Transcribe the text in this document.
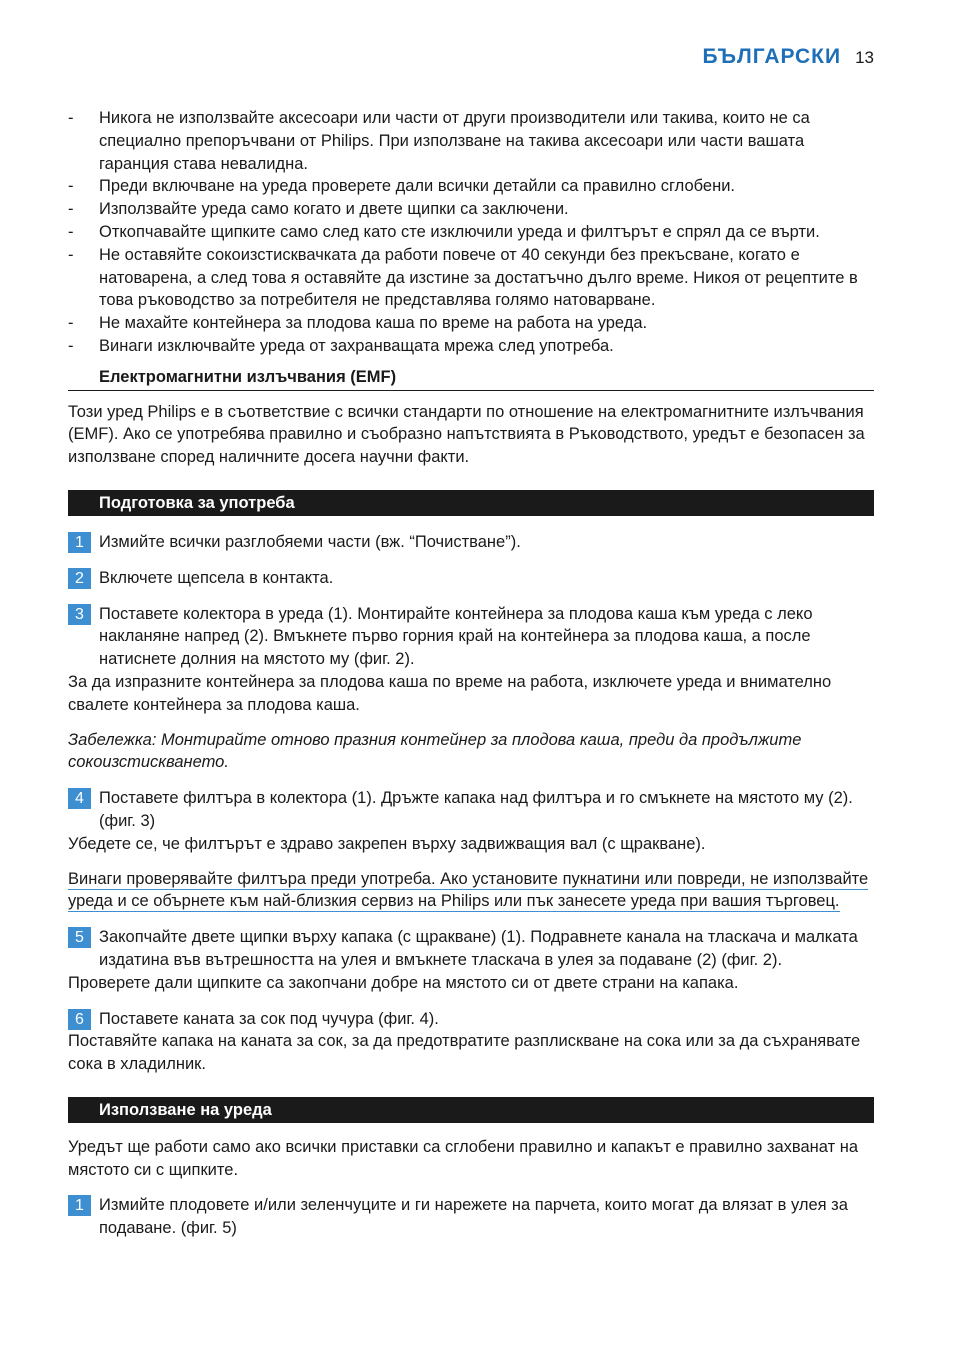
БЪЛГАРСКИ 13
- Никога не използвайте аксесоари или части от други производители или такива, които не са специално препоръчвани от Philips. При използване на такива аксесоари или части вашата гаранция става невалидна.
- Преди включване на уреда проверете дали всички детайли са правилно сглобени.
- Използвайте уреда само когато и двете щипки са заключени.
- Откопчавайте щипките само след като сте изключили уреда и филтърът е спрял да се върти.
- Не оставяйте сокоизстисквачката да работи повече от 40 секунди без прекъсване, когато е натоварена, а след това я оставяйте да изстине за достатъчно дълго време. Никоя от рецептите в това ръководство за потребителя не представлява голямо натоварване.
- Не махайте контейнера за плодова каша по време на работа на уреда.
- Винаги изключвайте уреда от захранващата мрежа след употреба.
Електромагнитни излъчвания (EMF)

Този уред Philips е в съответствие с всички стандарти по отношение на електромагнитните излъчвания (EMF). Ако се употребява правилно и съобразно напътствията в Ръководството, уредът е безопасен за използване според наличните досега научни факти.

Подготовка за употреба
1 Измийте всички разглобяеми части (вж. “Почистване”).
2 Включете щепсела в контакта.
3 Поставете колектора в уреда (1). Монтирайте контейнера за плодова каша към уреда с леко накланяне напред (2). Вмъкнете първо горния край на контейнера за плодова каша, а после натиснете долния на мястото му (фиг. 2).

За да изпразните контейнера за плодова каша по време на работа, изключете уреда и внимателно свалете контейнера за плодова каша.

Забележка: Монтирайте отново празния контейнер за плодова каша, преди да продължите сокоизстискването.

4 Поставете филтъра в колектора (1). Дръжте капака над филтъра и го смъкнете на мястото му (2). (фиг. 3)

Убедете се, че филтърът е здраво закрепен върху задвижващия вал (с щракване).

Винаги проверявайте филтъра преди употреба. Ако установите пукнатини или повреди, не използвайте уреда и се обърнете към най-близкия сервиз на Philips или пък занесете уреда при вашия търговец.

5 Закопчайте двете щипки върху капака (с щракване) (1). Подравнете канала на тласкача и малката издатина във вътрешността на улея и вмъкнете тласкача в улея за подаване (2) (фиг. 2).

Проверете дали щипките са закопчани добре на мястото си от двете страни на капака.

6 Поставете каната за сок под чучура (фиг. 4).

Поставяйте капака на каната за сок, за да предотвратите разплискване на сока или за да съхранявате сока в хладилник.

Използване на уреда

Уредът ще работи само ако всички приставки са сглобени правилно и капакът е правилно захванат на мястото си с щипките.

1 Измийте плодовете и/или зеленчуците и ги нарежете на парчета, които могат да влязат в улея за подаване. (фиг. 5)
